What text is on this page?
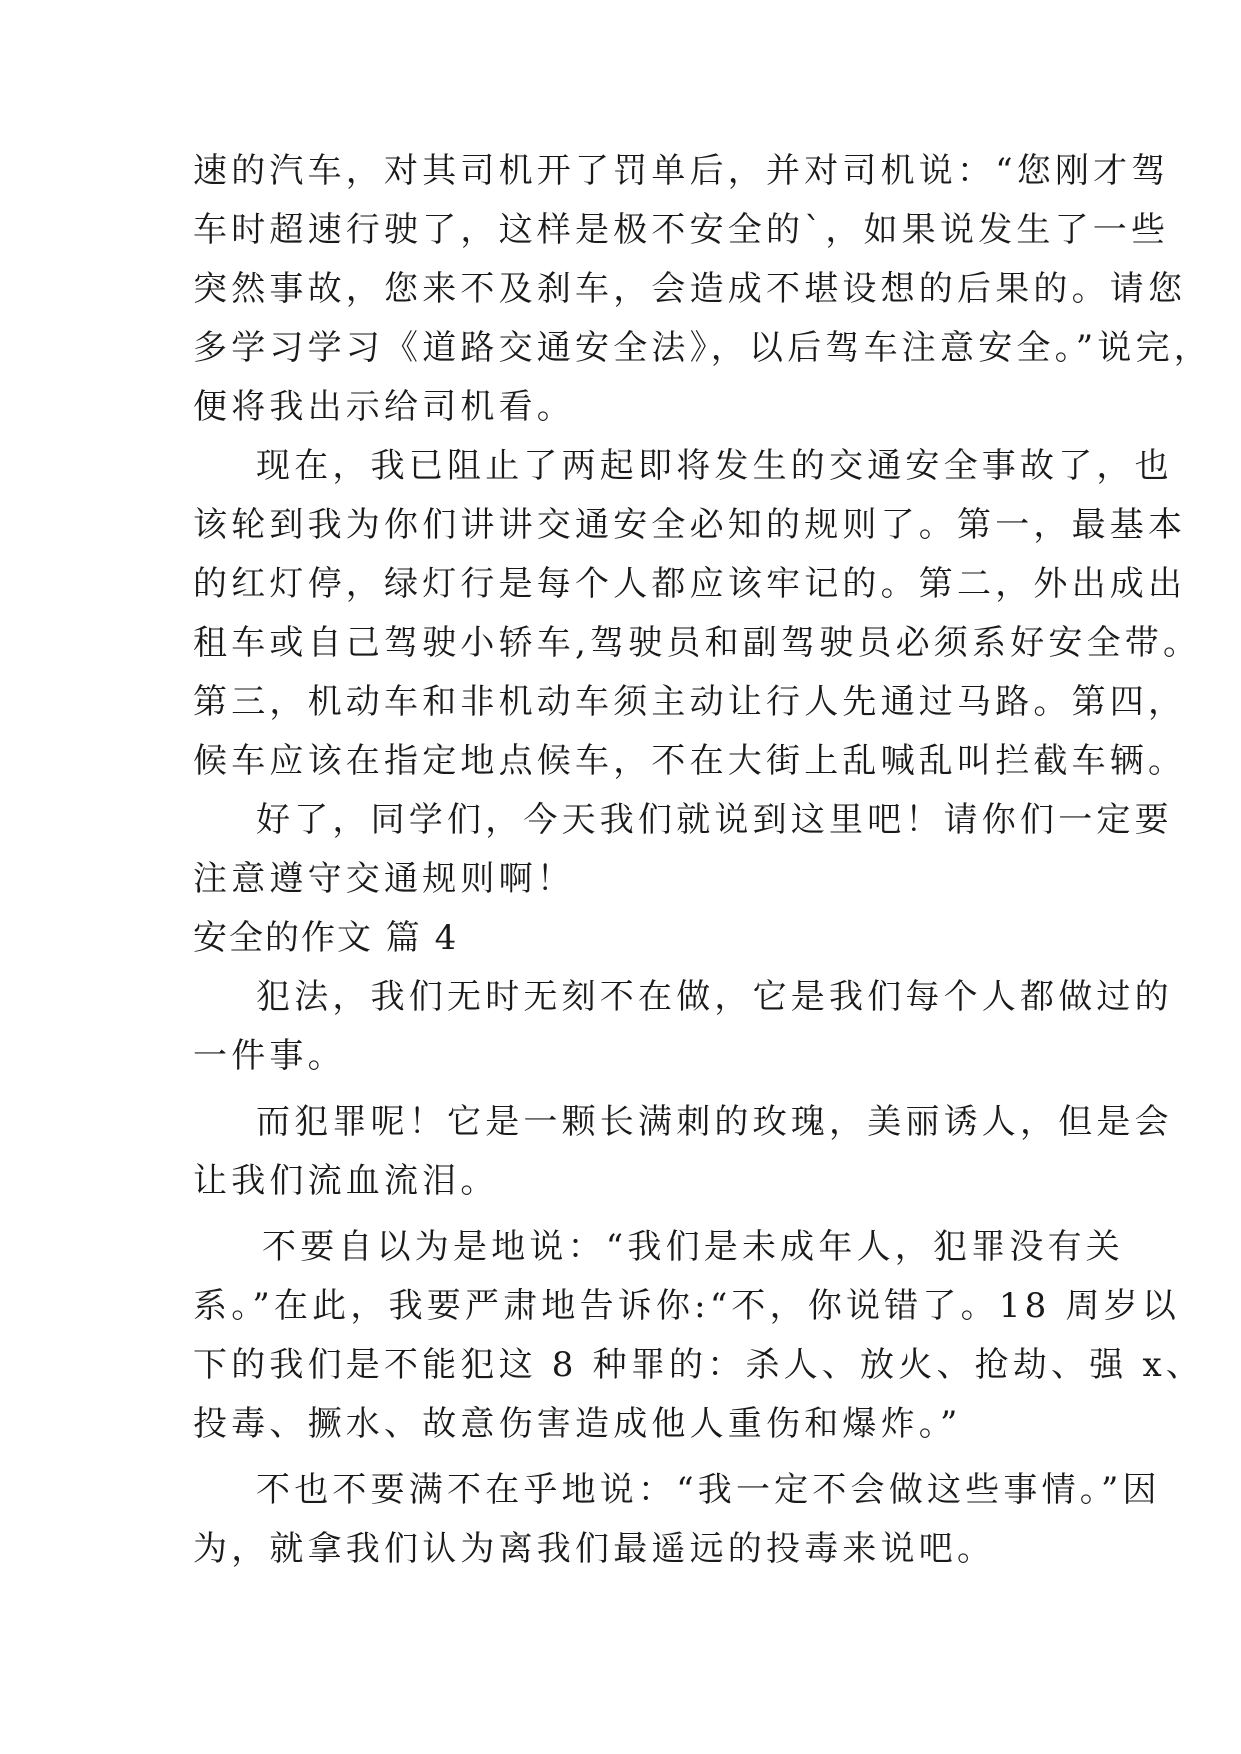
速的汽车，对其司机开了罚单后，并对司机说：“您刚才驾
车时超速行驶了，这样是极不安全的`，如果说发生了一些
突然事故，您来不及刹车，会造成不堪设想的后果的。请您
多学习学习《道路交通安全法》，以后驾车注意安全。”说完，
便将我出示给司机看。
现在，我已阻止了两起即将发生的交通安全事故了，也
该轮到我为你们讲讲交通安全必知的规则了。第一，最基本
的红灯停，绿灯行是每个人都应该牢记的。第二，外出成出
租车或自己驾驶小轿车,驾驶员和副驾驶员必须系好安全带。
第三，机动车和非机动车须主动让行人先通过马路。第四，
候车应该在指定地点候车，不在大街上乱喊乱叫拦截车辆。
好了，同学们，今天我们就说到这里吧！请你们一定要
注意遵守交通规则啊！
安全的作文 篇 4
犯法，我们无时无刻不在做，它是我们每个人都做过的
一件事。
而犯罪呢！它是一颗长满刺的玫瑰，美丽诱人，但是会
让我们流血流泪。
不要自以为是地说：“我们是未成年人，犯罪没有关
系。”在此，我要严肃地告诉你:“不，你说错了。18 周岁以
下的我们是不能犯这 8 种罪的：杀人、放火、抢劫、强 x、
投毒、撅水、故意伤害造成他人重伤和爆炸。”
不也不要满不在乎地说：“我一定不会做这些事情。”因
为，就拿我们认为离我们最遥远的投毒来说吧。
